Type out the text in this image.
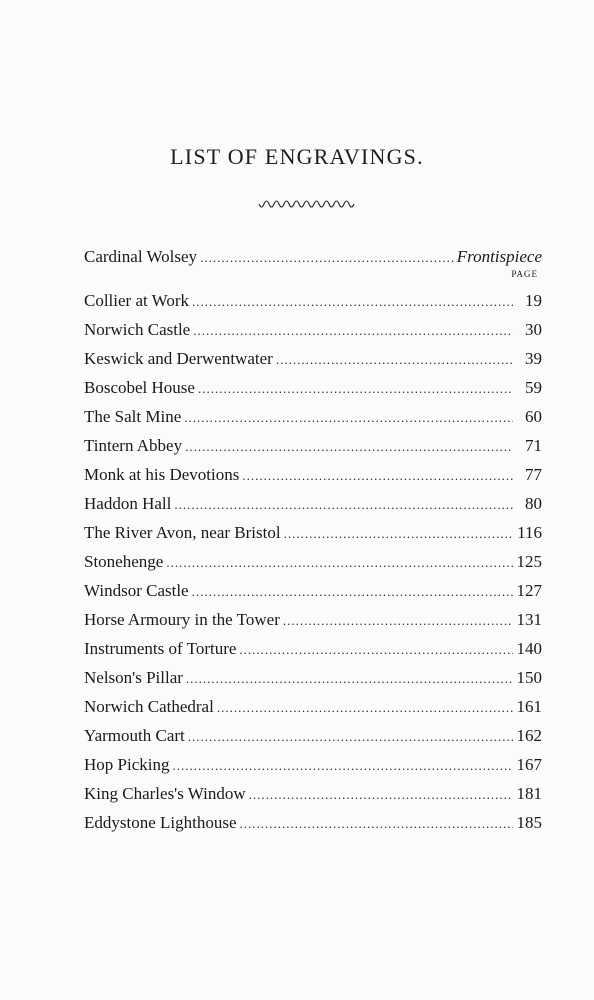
LIST OF ENGRAVINGS.
Cardinal Wolsey .....	Frontispiece
PAGE
Collier at Work .....	19
Norwich Castle .....	30
Keswick and Derwentwater .....	39
Boscobel House .....	59
The Salt Mine .....	60
Tintern Abbey .....	71
Monk at his Devotions .....	77
Haddon Hall .....	80
The River Avon, near Bristol .....	116
Stonehenge .....	125
Windsor Castle .....	127
Horse Armoury in the Tower .....	131
Instruments of Torture .....	140
Nelson's Pillar .....	150
Norwich Cathedral .....	161
Yarmouth Cart .....	162
Hop Picking .....	167
King Charles's Window .....	181
Eddystone Lighthouse .....	185
